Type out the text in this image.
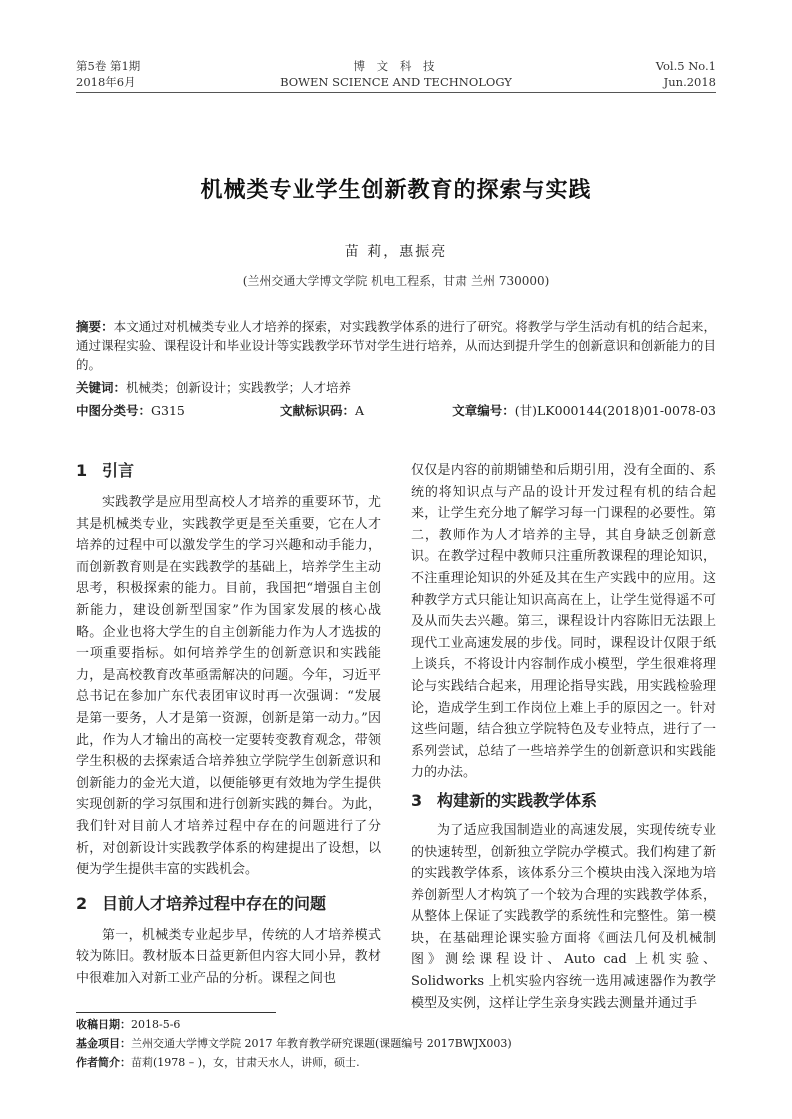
第5卷 第1期
2018年6月
博 文 科 技
BOWEN SCIENCE AND TECHNOLOGY
Vol.5 No.1
Jun.2018
机械类专业学生创新教育的探索与实践
苗 莉，惠振亮
(兰州交通大学博文学院 机电工程系，甘肃 兰州 730000)
摘要：本文通过对机械类专业人才培养的探索，对实践教学体系的进行了研究。将教学与学生活动有机的结合起来，通过课程实验、课程设计和毕业设计等实践教学环节对学生进行培养，从而达到提升学生的创新意识和创新能力的目的。
关键词：机械类；创新设计；实践教学；人才培养
中图分类号：G315	文献标识码：A	文章编号：(甘)LK000144(2018)01-0078-03
1 引言

实践教学是应用型高校人才培养的重要环节，尤其是机械类专业，实践教学更是至关重要，它在人才培养的过程中可以激发学生的学习兴趣和动手能力，而创新教育则是在实践教学的基础上，培养学生主动思考，积极探索的能力。目前，我国把“增强自主创新能力，建设创新型国家”作为国家发展的核心战略。企业也将大学生的自主创新能力作为人才选拔的一项重要指标。如何培养学生的创新意识和实践能力，是高校教育改革亟需解决的问题。今年，习近平总书记在参加广东代表团审议时再一次强调：“发展是第一要务，人才是第一资源，创新是第一动力。”因此，作为人才输出的高校一定要转变教育观念，带领学生积极的去探索适合培养独立学院学生创新意识和创新能力的金光大道，以便能够更有效地为学生提供实现创新的学习氛围和进行创新实践的舞台。为此，我们针对目前人才培养过程中存在的问题进行了分析，对创新设计实践教学体系的构建提出了设想，以便为学生提供丰富的实践机会。

2 目前人才培养过程中存在的问题

第一，机械类专业起步早，传统的人才培养模式较为陈旧。教材版本日益更新但内容大同小异，教材中很难加入对新工业产品的分析。课程之间也

仅仅是内容的前期铺垫和后期引用，没有全面的、系统的将知识点与产品的设计开发过程有机的结合起来，让学生充分地了解学习每一门课程的必要性。第二，教师作为人才培养的主导，其自身缺乏创新意识。在教学过程中教师只注重所教课程的理论知识，不注重理论知识的外延及其在生产实践中的应用。这种教学方式只能让知识高高在上，让学生觉得遥不可及从而失去兴趣。第三，课程设计内容陈旧无法跟上现代工业高速发展的步伐。同时，课程设计仅限于纸上谈兵，不将设计内容制作成小模型，学生很难将理论与实践结合起来，用理论指导实践，用实践检验理论，造成学生到工作岗位上难上手的原因之一。针对这些问题，结合独立学院特色及专业特点，进行了一系列尝试，总结了一些培养学生的创新意识和实践能力的办法。

3 构建新的实践教学体系

为了适应我国制造业的高速发展，实现传统专业的快速转型，创新独立学院办学模式。我们构建了新的实践教学体系，该体系分三个模块由浅入深地为培养创新型人才构筑了一个较为合理的实践教学体系，从整体上保证了实践教学的系统性和完整性。第一模块，在基础理论课实验方面将《画法几何及机械制图》测绘课程设计、Auto cad 上机实验、Solidworks 上机实验内容统一选用减速器作为教学模型及实例，这样让学生亲身实践去测量并通过手

收稿日期：2018-5-6
基金项目：兰州交通大学博文学院 2017 年教育教学研究课题(课题编号 2017BWJX003)
作者简介：苗莉(1978 – )，女，甘肃天水人，讲师，硕士.
